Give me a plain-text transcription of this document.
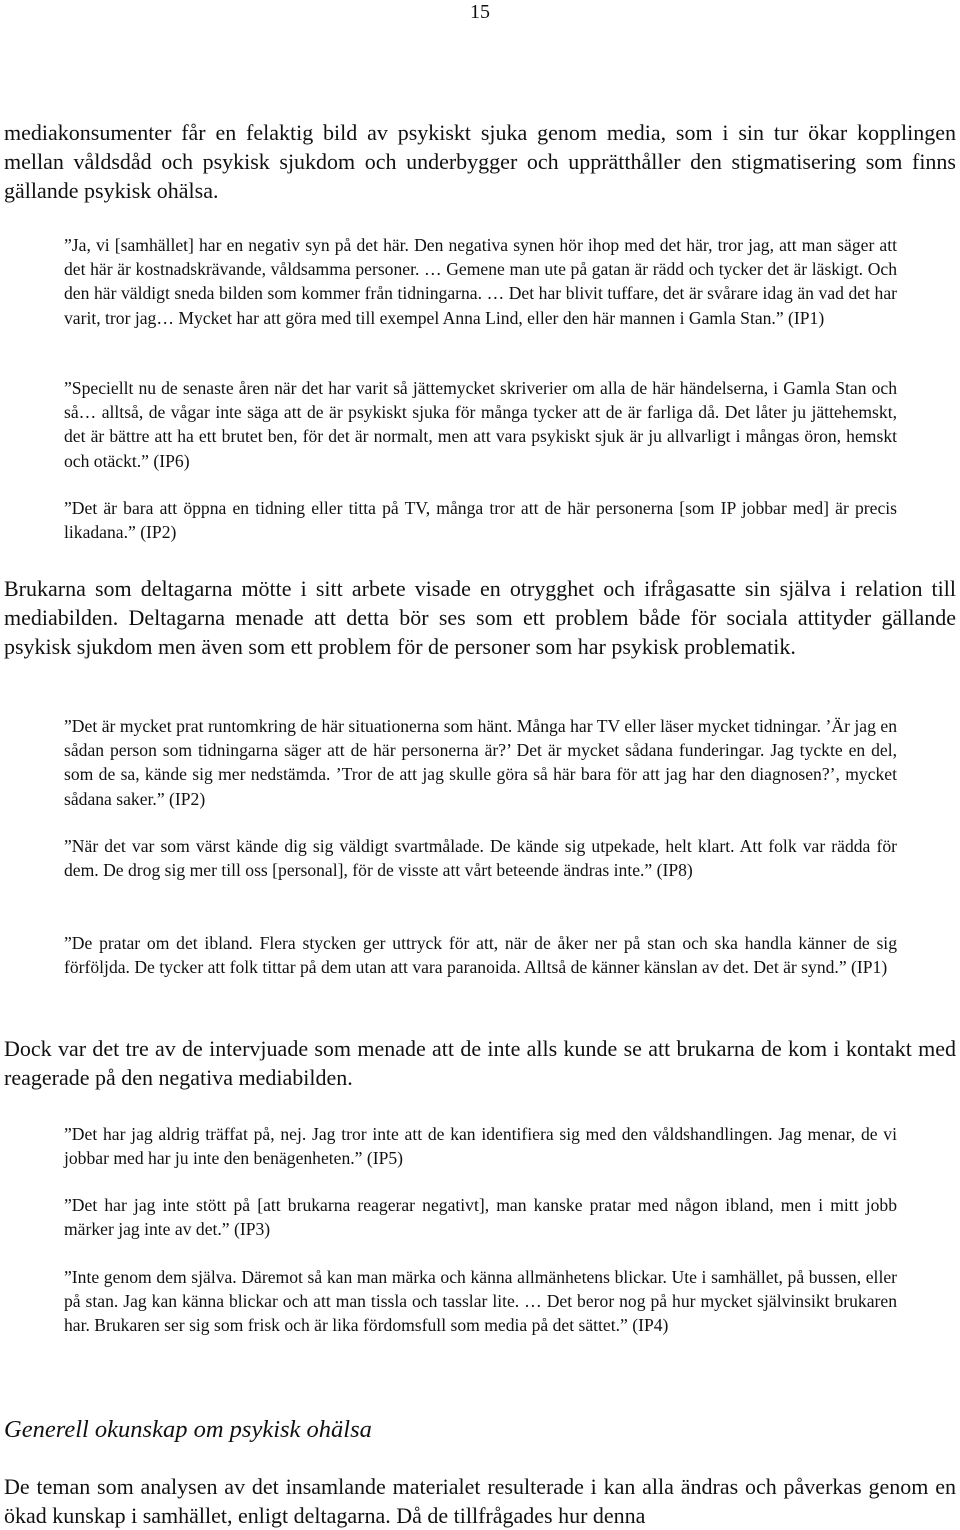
15

mediakonsumenter får en felaktig bild av psykiskt sjuka genom media, som i sin tur ökar kopplingen mellan våldsdåd och psykisk sjukdom och underbygger och upprätthåller den stigmatisering som finns gällande psykisk ohälsa.

”Ja, vi [samhället] har en negativ syn på det här. Den negativa synen hör ihop med det här, tror jag, att man säger att det här är kostnadskrävande, våldsamma personer. … Gemene man ute på gatan är rädd och tycker det är läskigt. Och den här väldigt sneda bilden som kommer från tidningarna. … Det har blivit tuffare, det är svårare idag än vad det har varit, tror jag… Mycket har att göra med till exempel Anna Lind, eller den här mannen i Gamla Stan.” (IP1)

”Speciellt nu de senaste åren när det har varit så jättemycket skriverier om alla de här händelserna, i Gamla Stan och så… alltså, de vågar inte säga att de är psykiskt sjuka för många tycker att de är farliga då. Det låter ju jättehemskt, det är bättre att ha ett brutet ben, för det är normalt, men att vara psykiskt sjuk är ju allvarligt i mångas öron, hemskt och otäckt.” (IP6)

”Det är bara att öppna en tidning eller titta på TV, många tror att de här personerna [som IP jobbar med] är precis likadana.” (IP2)

Brukarna som deltagarna mötte i sitt arbete visade en otrygghet och ifrågasatte sin själva i relation till mediabilden. Deltagarna menade att detta bör ses som ett problem både för sociala attityder gällande psykisk sjukdom men även som ett problem för de personer som har psykisk problematik.

”Det är mycket prat runtomkring de här situationerna som hänt. Många har TV eller läser mycket tidningar. ’Är jag en sådan person som tidningarna säger att de här personerna är?’ Det är mycket sådana funderingar. Jag tyckte en del, som de sa, kände sig mer nedstämda. ’Tror de att jag skulle göra så här bara för att jag har den diagnosen?’, mycket sådana saker.” (IP2)

”När det var som värst kände dig sig väldigt svartmålade. De kände sig utpekade, helt klart. Att folk var rädda för dem. De drog sig mer till oss [personal], för de visste att vårt beteende ändras inte.” (IP8)

”De pratar om det ibland. Flera stycken ger uttryck för att, när de åker ner på stan och ska handla känner de sig förföljda. De tycker att folk tittar på dem utan att vara paranoida. Alltså de känner känslan av det. Det är synd.” (IP1)

Dock var det tre av de intervjuade som menade att de inte alls kunde se att brukarna de kom i kontakt med reagerade på den negativa mediabilden.

”Det har jag aldrig träffat på, nej. Jag tror inte att de kan identifiera sig med den våldshandlingen. Jag menar, de vi jobbar med har ju inte den benägenheten.” (IP5)

”Det har jag inte stött på [att brukarna reagerar negativt], man kanske pratar med någon ibland, men i mitt jobb märker jag inte av det.” (IP3)

”Inte genom dem själva. Däremot så kan man märka och känna allmänhetens blickar. Ute i samhället, på bussen, eller på stan. Jag kan känna blickar och att man tissla och tasslar lite. … Det beror nog på hur mycket självinsikt brukaren har. Brukaren ser sig som frisk och är lika fördomsfull som media på det sättet.” (IP4)

Generell okunskap om psykisk ohälsa

De teman som analysen av det insamlande materialet resulterade i kan alla ändras och påverkas genom en ökad kunskap i samhället, enligt deltagarna. Då de tillfrågades hur denna
